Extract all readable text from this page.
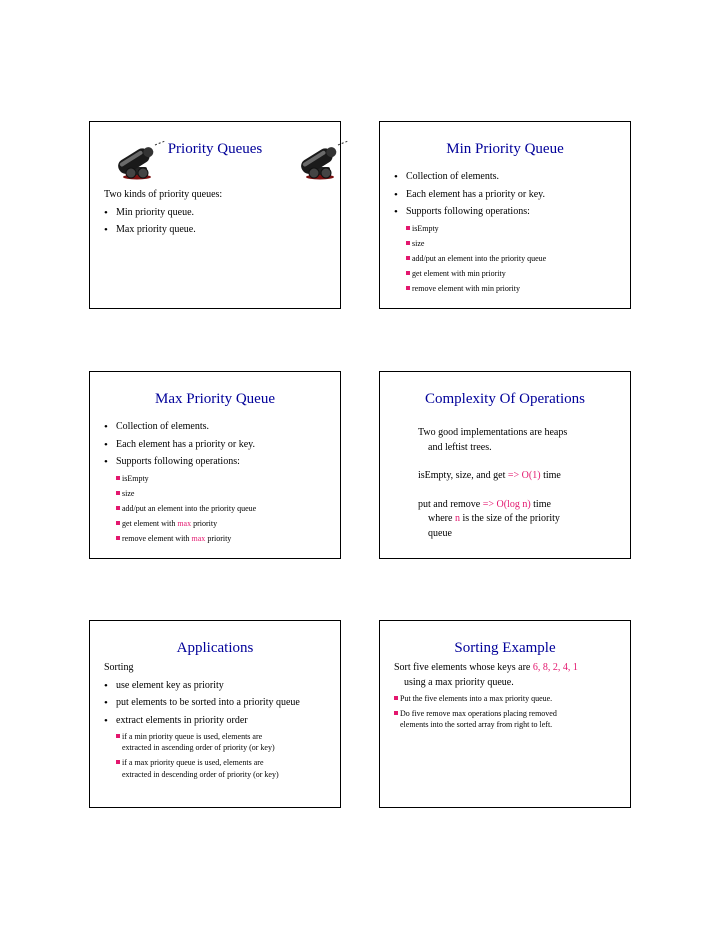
Priority Queues
Two kinds of priority queues:
• Min priority queue.
• Max priority queue.
Min Priority Queue
• Collection of elements.
• Each element has a priority or key.
• Supports following operations:
isEmpty
size
add/put an element into the priority queue
get element with min priority
remove element with min priority
Max Priority Queue
• Collection of elements.
• Each element has a priority or key.
• Supports following operations:
isEmpty
size
add/put an element into the priority queue
get element with max priority
remove element with max priority
Complexity Of Operations
Two good implementations are heaps
and leftist trees.
isEmpty, size, and get => O(1) time
put and remove => O(log n) time
where n is the size of the priority
queue
Applications
Sorting
• use element key as priority
• put elements to be sorted into a priority queue
• extract elements in priority order
if a min priority queue is used, elements are
extracted in ascending order of priority (or key)
if a max priority queue is used, elements are
extracted in descending order of priority (or key)
Sorting Example
Sort five elements whose keys are 6, 8, 2, 4, 1
using a max priority queue.
Put the five elements into a max priority queue.
Do five remove max operations placing removed
elements into the sorted array from right to left.
